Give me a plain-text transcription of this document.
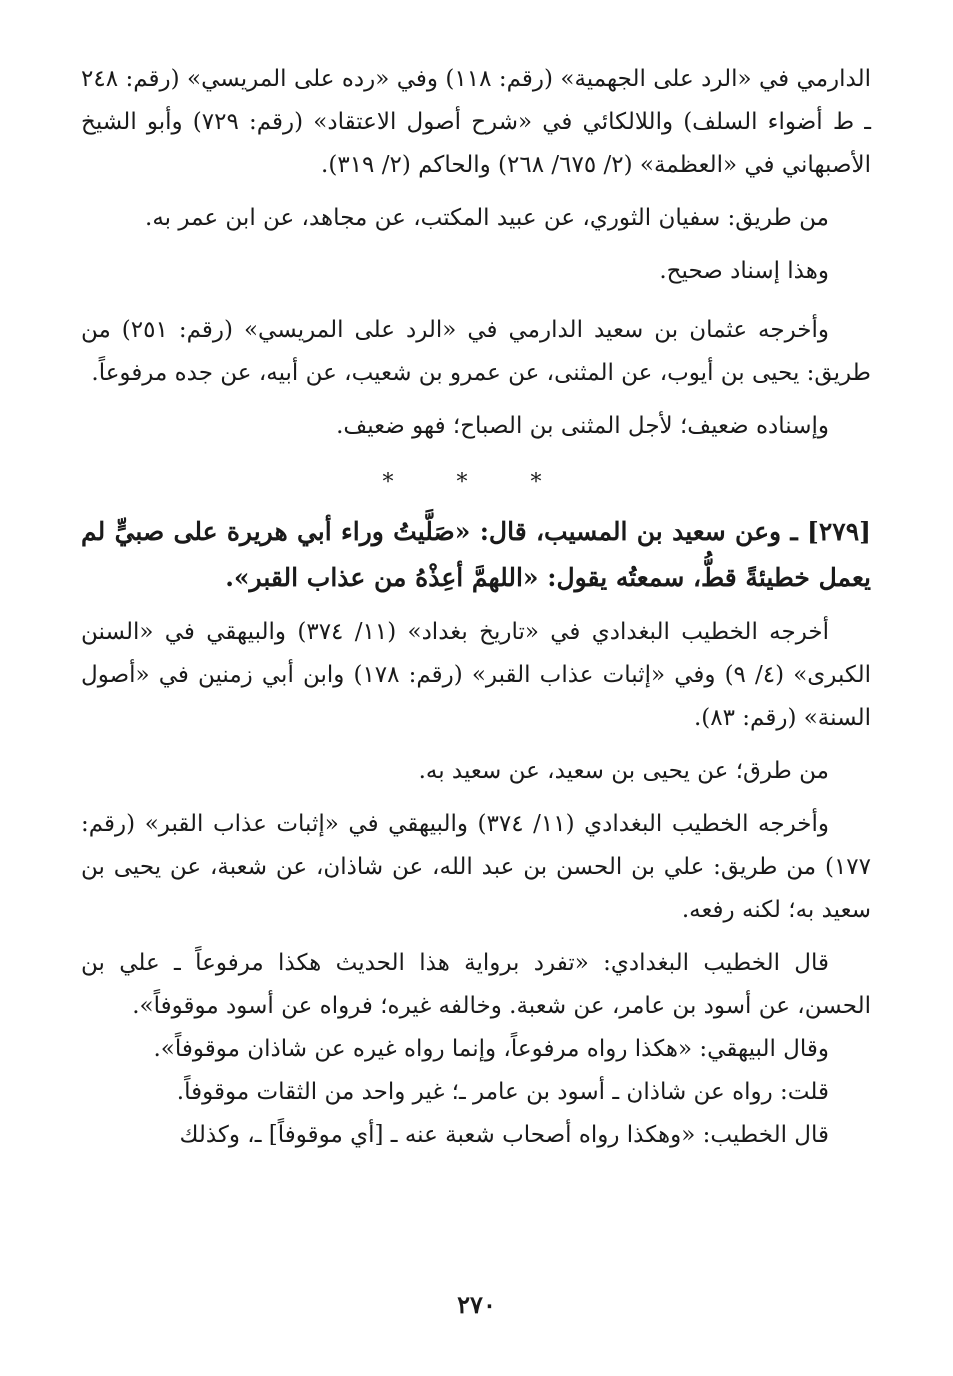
الدارمي في «الرد على الجهمية» (رقم: ١١٨) وفي «رده على المريسي» (رقم: ٢٤٨ ـ ط أضواء السلف) واللالكائي في «شرح أصول الاعتقاد» (رقم: ٧٢٩) وأبو الشيخ الأصبهاني في «العظمة» (٢/ ٦٧٥/ ٢٦٨) والحاكم (٢/ ٣١٩).

من طريق: سفيان الثوري، عن عبيد المكتب، عن مجاهد، عن ابن عمر به.

وهذا إسناد صحيح.

وأخرجه عثمان بن سعيد الدارمي في «الرد على المريسي» (رقم: ٢٥١) من طريق: يحيى بن أيوب، عن المثنى، عن عمرو بن شعيب، عن أبيه، عن جده مرفوعاً.

وإسناده ضعيف؛ لأجل المثنى بن الصباح؛ فهو ضعيف.

* * *

[٢٧٩] ـ وعن سعيد بن المسيب، قال: «صَلَّيتُ وراء أبي هريرة على صبيٍّ لم يعمل خطيئةً قطُّ، سمعتُه يقول: «اللهمَّ أعِذْهُ من عذاب القبر».

أخرجه الخطيب البغدادي في «تاريخ بغداد» (١١/ ٣٧٤) والبيهقي في «السنن الكبرى» (٤/ ٩) وفي «إثبات عذاب القبر» (رقم: ١٧٨) وابن أبي زمنين في «أصول السنة» (رقم: ٨٣).

من طرق؛ عن يحيى بن سعيد، عن سعيد به.

وأخرجه الخطيب البغدادي (١١/ ٣٧٤) والبيهقي في «إثبات عذاب القبر» (رقم: ١٧٧) من طريق: علي بن الحسن بن عبد الله، عن شاذان، عن شعبة، عن يحيى بن سعيد به؛ لكنه رفعه.

قال الخطيب البغدادي: «تفرد برواية هذا الحديث هكذا مرفوعاً ـ علي بن الحسن، عن أسود بن عامر، عن شعبة. وخالفه غيره؛ فرواه عن أسود موقوفاً».

وقال البيهقي: «هكذا رواه مرفوعاً، وإنما رواه غيره عن شاذان موقوفاً».

قلت: رواه عن شاذان ـ أسود بن عامر ـ؛ غير واحد من الثقات موقوفاً.

قال الخطيب: «وهكذا رواه أصحاب شعبة عنه ـ [أي موقوفاً] ـ، وكذلك

٢٧٠
